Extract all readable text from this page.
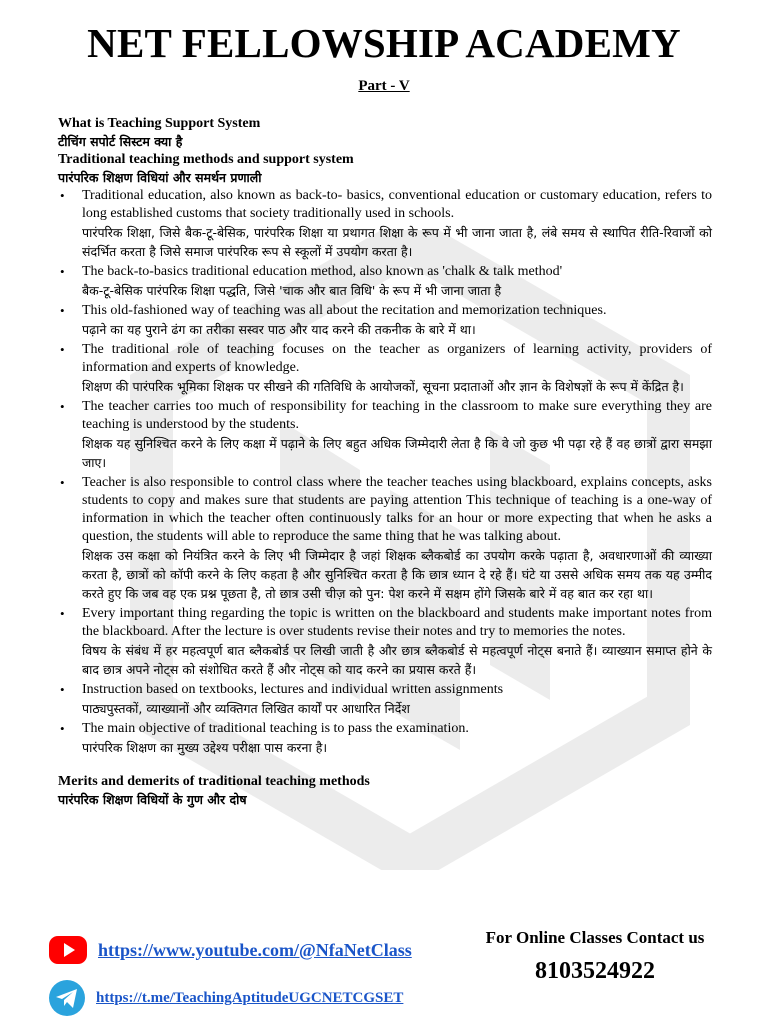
NET FELLOWSHIP ACADEMY
Part - V
What is Teaching Support System
टीचिंग सपोर्ट सिस्टम क्या है
Traditional teaching methods and support system
पारंपरिक शिक्षण विधियां और समर्थन प्रणाली
• Traditional education, also known as back-to- basics, conventional education or customary education, refers to long established customs that society traditionally used in schools.
पारंपरिक शिक्षा, जिसे बैक-टू-बेसिक, पारंपरिक शिक्षा या प्रथागत शिक्षा के रूप में भी जाना जाता है, लंबे समय से स्थापित रीति-रिवाजों को संदर्भित करता है जिसे समाज पारंपरिक रूप से स्कूलों में उपयोग करता है।
• The back-to-basics traditional education method, also known as 'chalk & talk method'
बैक-टू-बेसिक पारंपरिक शिक्षा पद्धति, जिसे 'चाक और बात विधि' के रूप में भी जाना जाता है
• This old-fashioned way of teaching was all about the recitation and memorization techniques.
पढ़ाने का यह पुराने ढंग का तरीका सस्वर पाठ और याद करने की तकनीक के बारे में था।
• The traditional role of teaching focuses on the teacher as organizers of learning activity, providers of information and experts of knowledge.
शिक्षण की पारंपरिक भूमिका शिक्षक पर सीखने की गतिविधि के आयोजकों, सूचना प्रदाताओं और ज्ञान के विशेषज्ञों के रूप में केंद्रित है।
• The teacher carries too much of responsibility for teaching in the classroom to make sure everything they are teaching is understood by the students.
शिक्षक यह सुनिश्चित करने के लिए कक्षा में पढ़ाने के लिए बहुत अधिक जिम्मेदारी लेता है कि वे जो कुछ भी पढ़ा रहे हैं वह छात्रों द्वारा समझा जाए।
• Teacher is also responsible to control class where the teacher teaches using blackboard, explains concepts, asks students to copy and makes sure that students are paying attention This technique of teaching is a one-way of information in which the teacher often continuously talks for an hour or more expecting that when he asks a question, the students will able to reproduce the same thing that he was talking about.
शिक्षक उस कक्षा को नियंत्रित करने के लिए भी जिम्मेदार है जहां शिक्षक ब्लैकबोर्ड का उपयोग करके पढ़ाता है, अवधारणाओं की व्याख्या करता है, छात्रों को कॉपी करने के लिए कहता है और सुनिश्चित करता है कि छात्र ध्यान दे रहे हैं। घंटे या उससे अधिक समय तक यह उम्मीद करते हुए कि जब वह एक प्रश्न पूछता है, तो छात्र उसी चीज़ को पुन: पेश करने में सक्षम होंगे जिसके बारे में वह बात कर रहा था।
• Every important thing regarding the topic is written on the blackboard and students make important notes from the blackboard. After the lecture is over students revise their notes and try to memories the notes.
विषय के संबंध में हर महत्वपूर्ण बात ब्लैकबोर्ड पर लिखी जाती है और छात्र ब्लैकबोर्ड से महत्वपूर्ण नोट्स बनाते हैं। व्याख्यान समाप्त होने के बाद छात्र अपने नोट्स को संशोधित करते हैं और नोट्स को याद करने का प्रयास करते हैं।
• Instruction based on textbooks, lectures and individual written assignments
पाठ्यपुस्तकों, व्याख्यानों और व्यक्तिगत लिखित कार्यों पर आधारित निर्देश
• The main objective of traditional teaching is to pass the examination.
पारंपरिक शिक्षण का मुख्य उद्देश्य परीक्षा पास करना है।
Merits and demerits of traditional teaching methods
पारंपरिक शिक्षण विधियों के गुण और दोष
https://www.youtube.com/@NfaNetClass
https://t.me/TeachingAptitudeUGCNETCGSET
For Online Classes Contact us
8103524922
